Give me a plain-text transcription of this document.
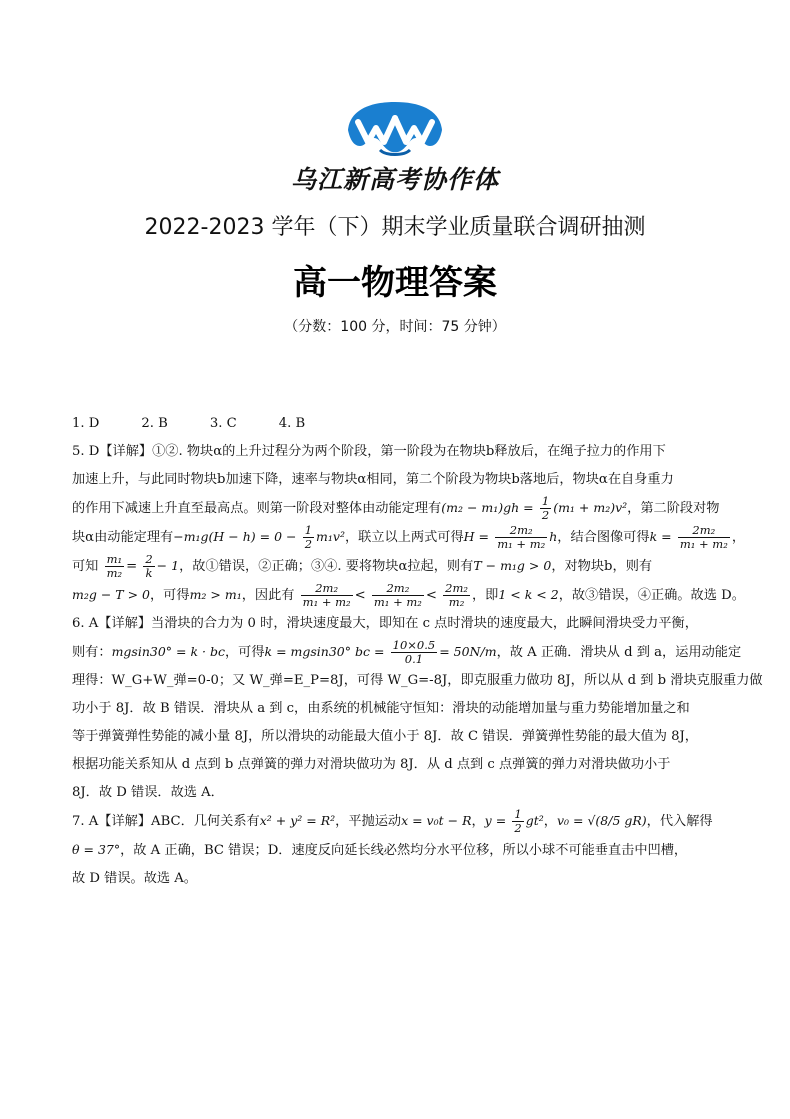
乌江新高考协作体
2022-2023 学年（下）期末学业质量联合调研抽测
高一物理答案
（分数：100 分，时间：75 分钟）
1. D	2. B	3. C	4. B
5. D【详解】①②. 物块α的上升过程分为两个阶段，第一阶段为在物块b释放后，在绳子拉力的作用下
加速上升，与此同时物块b加速下降，速率与物块α相同，第二个阶段为物块b落地后，物块α在自身重力
的作用下减速上升直至最高点。则第一阶段对整体由动能定理有$(m_2 - m_1)gh = \frac{1}{2} (m_1 + m_2)v^2$，第二阶段对物
块α由动能定理有$-m_1g(H - h) = 0 - \frac{1}{2} m_1v^2$，联立以上两式可得$H = \frac{\text{2m₂}}{\text{m₁ + m₂}}$ h，结合图像可得$k = \frac{\text{2m₂}}{\text{m₁ + m₂}}$ ，
可知 $\frac{\text{m₁}}{\text{m₂}} = \frac{2}{k} - 1$，故①错误，②正确；③④. 要将物块α拉起，则有T − m₁g > 0，对物块b，则有
m₂g − T > 0，可得m₂ > m₁，因此有 $\frac{\text{2m₂}}{\text{m₁ + m₂}} < \frac{\text{2m₂}}{\text{m₁ + m₂}} < \frac{\text{2m₂}}{\text{m₂}}$ ，即1 < k < 2，故③错误，④正确。故选 D。
6. A【详解】当滑块的合力为 0 时，滑块速度最大，即知在 c 点时滑块的速度最大，此瞬间滑块受力平衡，
则有：mgsin30° = k · bc，可得k = mgsin30° bc = $\frac{10\times 0.5}{0.1} = 50N/m$，故 A 正确．滑块从 d 到 a，运用动能定
理得：W_G+W_弹=0-0；又 W_弹=E_P=8J，可得 W_G=-8J，即克服重力做功 8J，所以从 d 到 b 滑块克服重力做
功小于 8J．故 B 错误．滑块从 a 到 c，由系统的机械能守恒知：滑块的动能增加量与重力势能增加量之和
等于弹簧弹性势能的减小量 8J，所以滑块的动能最大值小于 8J．故 C 错误．弹簧弹性势能的最大值为 8J，
根据功能关系知从 d 点到 b 点弹簧的弹力对滑块做功为 8J．从 d 点到 c 点弹簧的弹力对滑块做功小于
8J．故 D 错误．故选 A．
7. A【详解】ABC．几何关系有x² + y² = R²，平抛运动x = v₀t − R，$y = \frac{1}{2} gt^2$，v₀ = √(8/5 gR)，代入解得
θ = 37°，故 A 正确，BC 错误；D．速度反向延长线必然均分水平位移，所以小球不可能垂直击中凹槽，
故 D 错误。故选 A。
